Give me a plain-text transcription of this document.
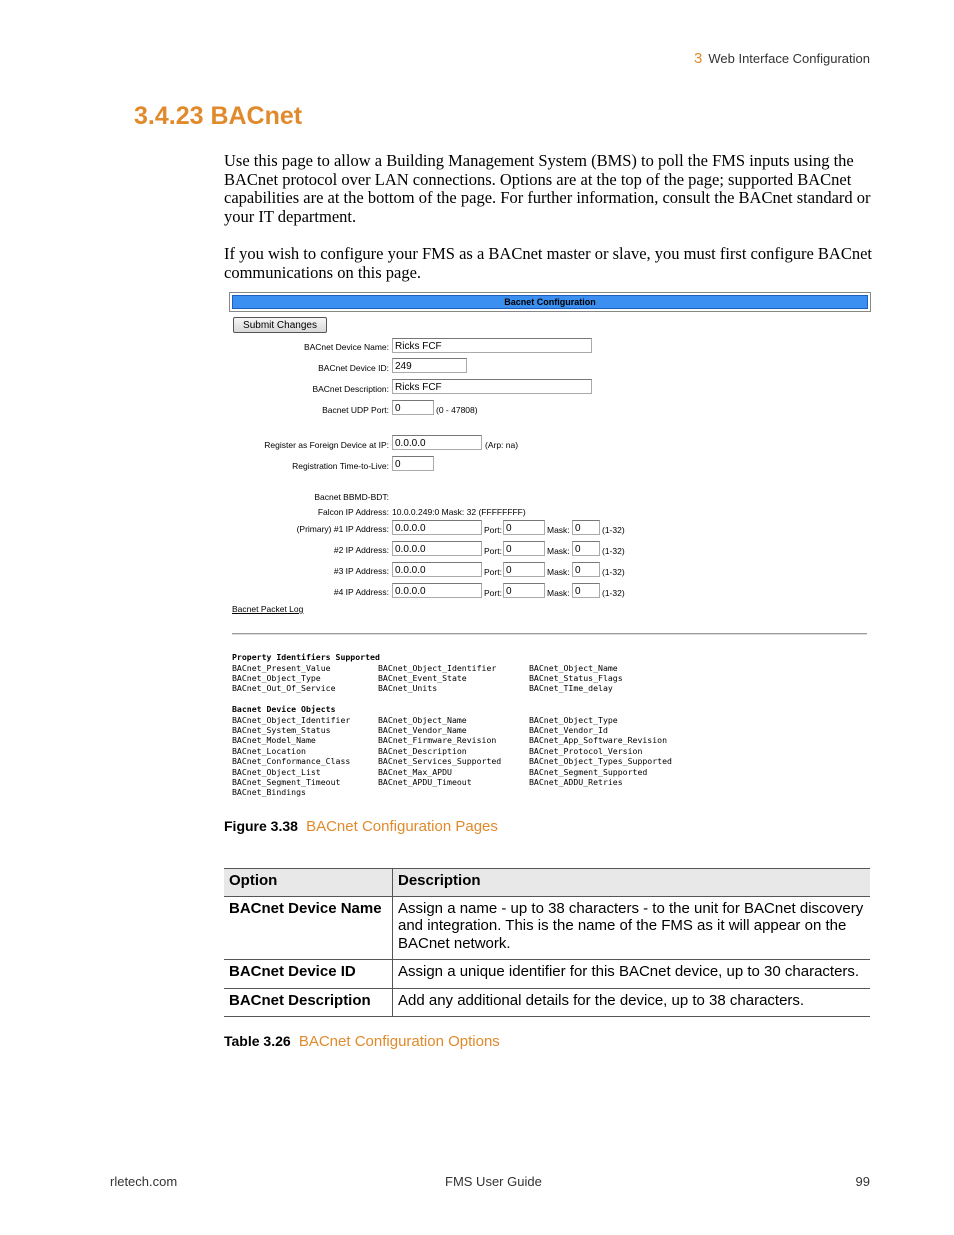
3 Web Interface Configuration
3.4.23 BACnet
Use this page to allow a Building Management System (BMS) to poll the FMS inputs using the BACnet protocol over LAN connections. Options are at the top of the page; supported BACnet capabilities are at the bottom of the page. For further information, consult the BACnet standard or your IT department.
If you wish to configure your FMS as a BACnet master or slave, you must first configure BACnet communications on this page.
Bacnet Configuration
Submit Changes
BACnet Device Name: Ricks FCF
BACnet Device ID: 249
BACnet Description: Ricks FCF
Bacnet UDP Port: 0	(0 - 47808)
Register as Foreign Device at IP: 0.0.0.0	(Arp: na)
Registration Time-to-Live: 0
Bacnet BBMD-BDT:
Falcon IP Address: 10.0.0.249:0 Mask: 32 (FFFFFFFF)
(Primary) #1 IP Address: 0.0.0.0	Port: 0	Mask: 0	(1-32)
#2 IP Address: 0.0.0.0	Port: 0	Mask: 0	(1-32)
#3 IP Address: 0.0.0.0	Port: 0	Mask: 0	(1-32)
#4 IP Address: 0.0.0.0	Port: 0	Mask: 0	(1-32)
Bacnet Packet Log
Property Identifiers Supported
BACnet_Present_Value	BACnet_Object_Identifier	BACnet_Object_Name
BACnet_Object_Type	BACnet_Event_State	BACnet_Status_Flags
BACnet_Out_Of_Service	BACnet_Units	BACnet_TIme_delay
Bacnet Device Objects
BACnet_Object_Identifier	BACnet_Object_Name	BACnet_Object_Type
BACnet_System_Status	BACnet_Vendor_Name	BACnet_Vendor_Id
BACnet_Model_Name	BACnet_Firmware_Revision	BACnet_App_Software_Revision
BACnet_Location	BACnet_Description	BACnet_Protocol_Version
BACnet_Conformance_Class	BACnet_Services_Supported	BACnet_Object_Types_Supported
BACnet_Object_List	BACnet_Max_APDU	BACnet_Segment_Supported
BACnet_Segment_Timeout	BACnet_APDU_Timeout	BACnet_ADDU_Retries
BACnet_Bindings
Figure 3.38 BACnet Configuration Pages
Option	Description
BACnet Device Name	Assign a name - up to 38 characters - to the unit for BACnet discovery and integration. This is the name of the FMS as it will appear on the BACnet network.
BACnet Device ID	Assign a unique identifier for this BACnet device, up to 30 characters.
BACnet Description	Add any additional details for the device, up to 38 characters.
Table 3.26 BACnet Configuration Options
rletech.com	FMS User Guide	99
